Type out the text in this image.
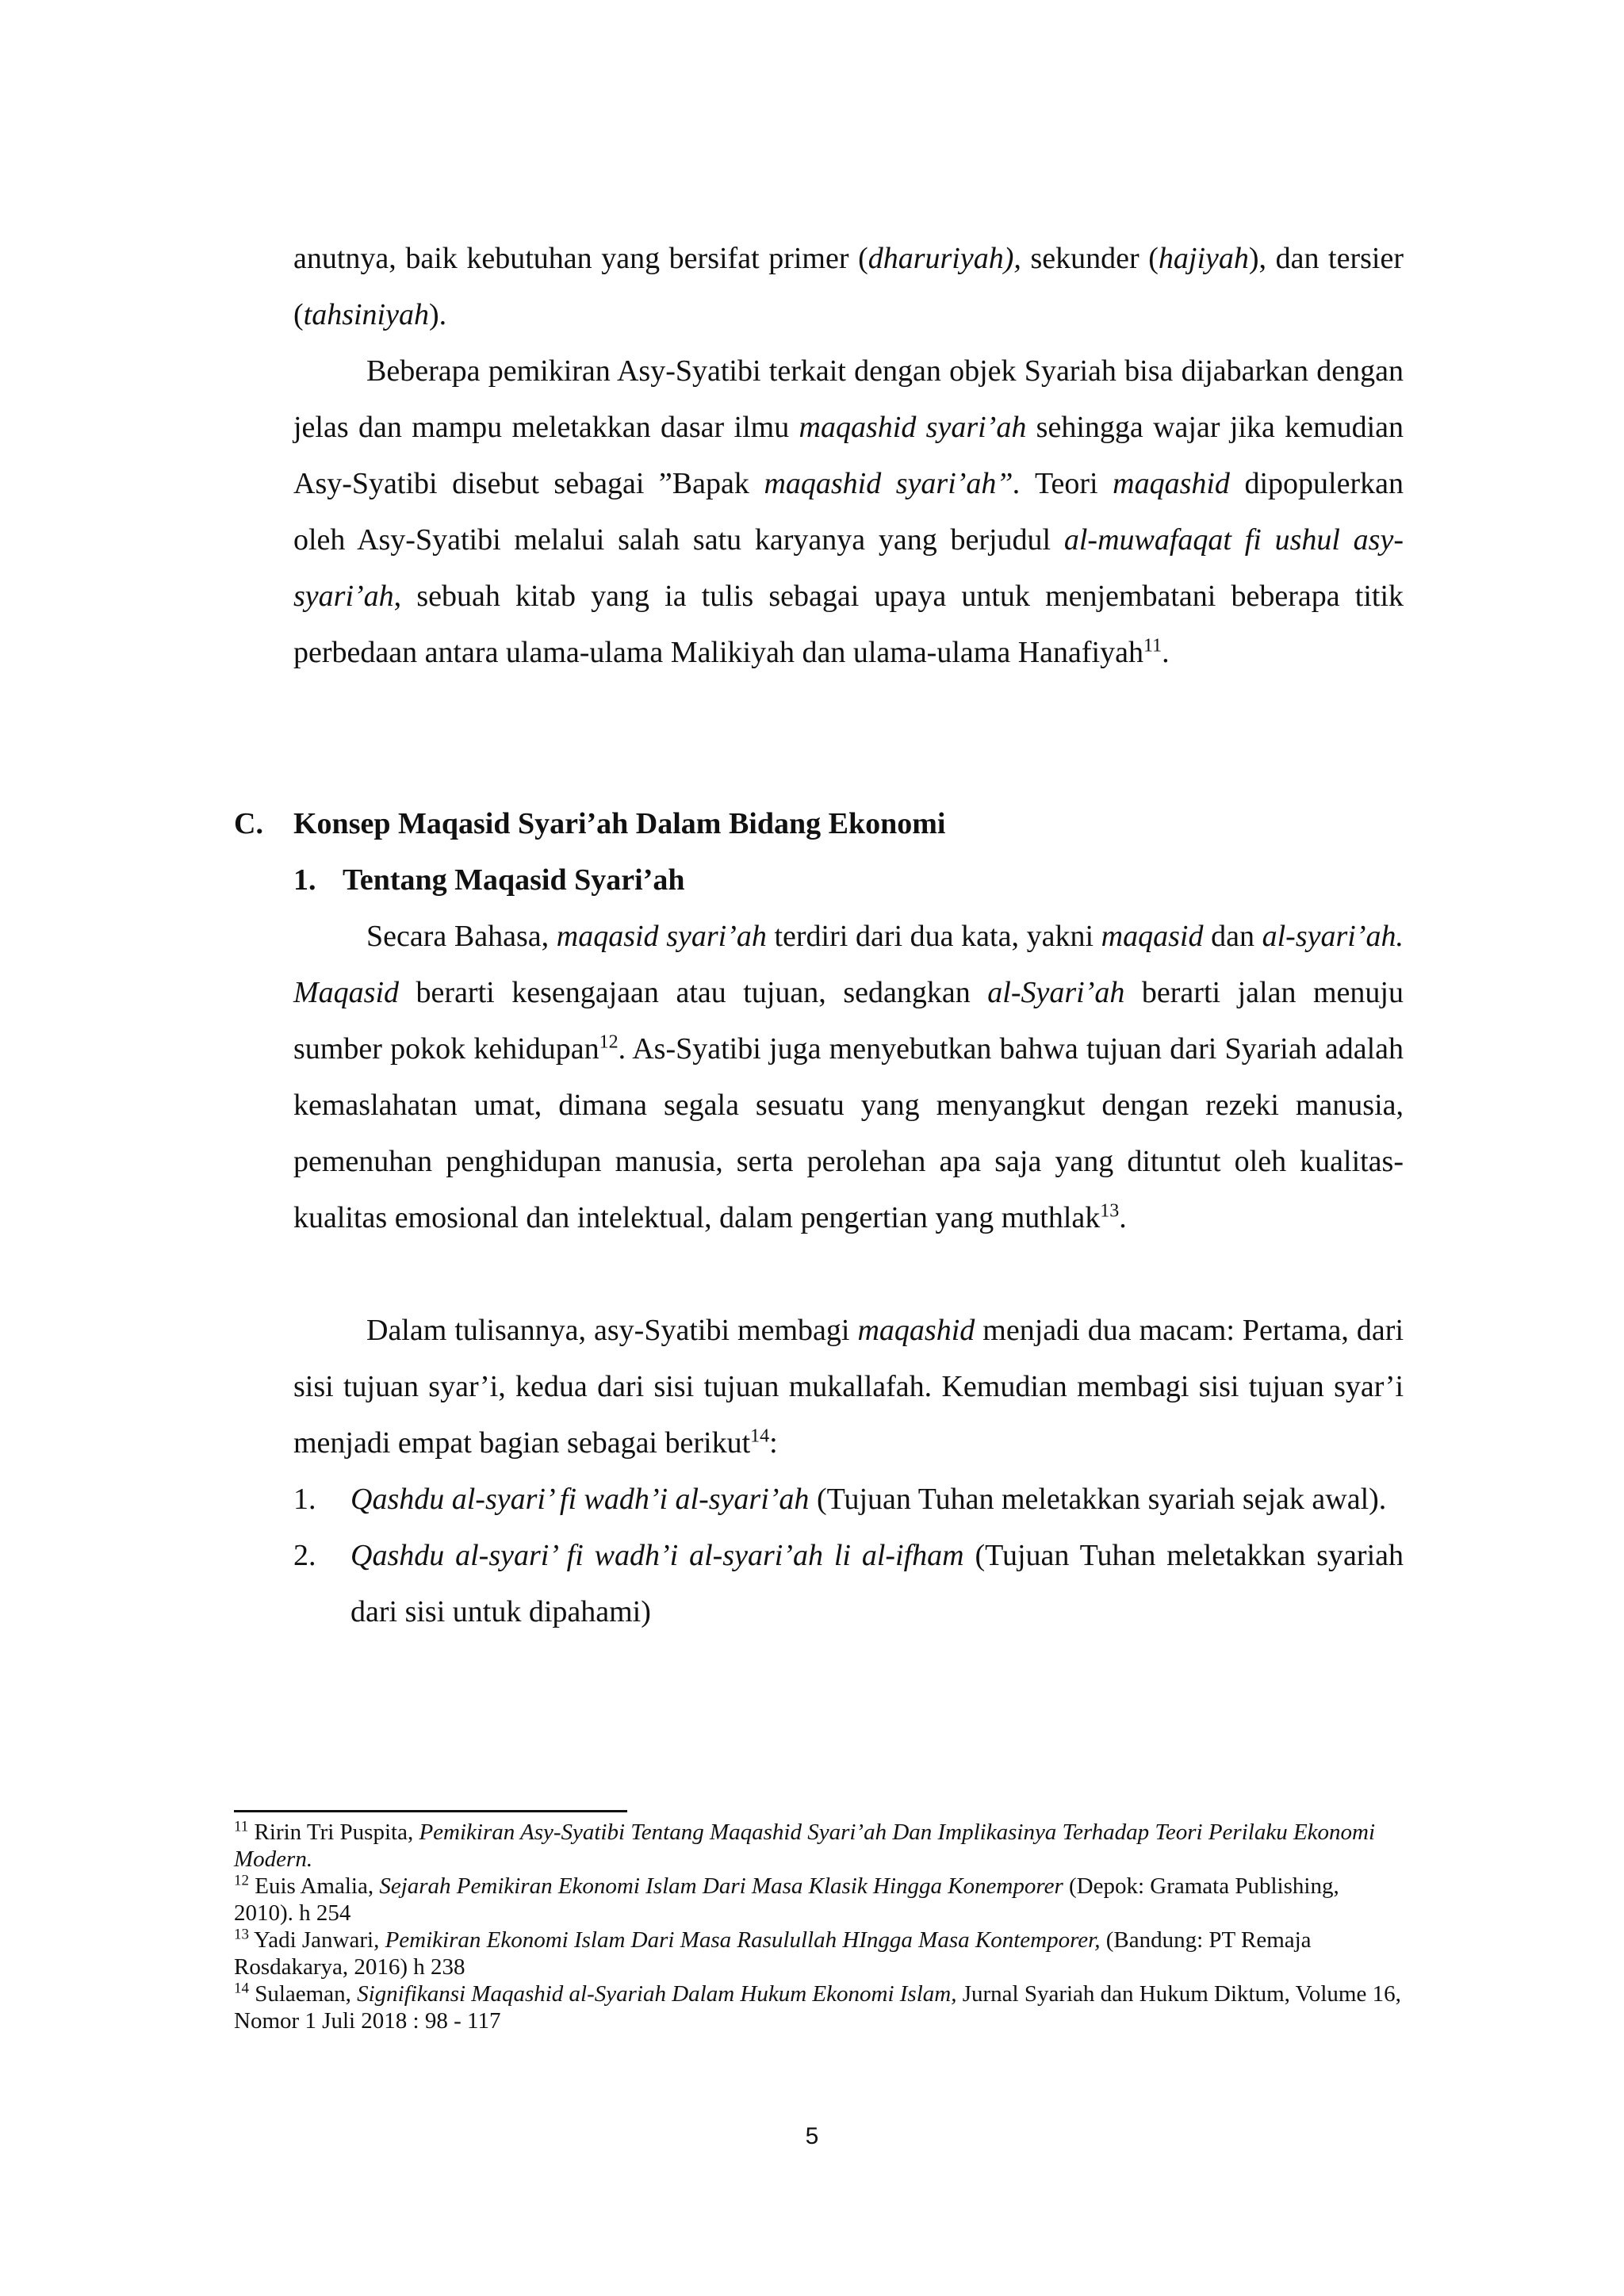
anutnya, baik kebutuhan yang bersifat primer (dharuriyah), sekunder (hajiyah), dan tersier (tahsiniyah).

Beberapa pemikiran Asy-Syatibi terkait dengan objek Syariah bisa dijabarkan dengan jelas dan mampu meletakkan dasar ilmu maqashid syari’ah sehingga wajar jika kemudian Asy-Syatibi disebut sebagai ”Bapak maqashid syari’ah”. Teori maqashid dipopulerkan oleh Asy-Syatibi melalui salah satu karyanya yang berjudul al-muwafaqat fi ushul asy-syari’ah, sebuah kitab yang ia tulis sebagai upaya untuk menjembatani beberapa titik perbedaan antara ulama-ulama Malikiyah dan ulama-ulama Hanafiyah$^{11}$.

C. Konsep Maqasid Syari’ah Dalam Bidang Ekonomi
1. Tentang Maqasid Syari’ah

Secara Bahasa, maqasid syari’ah terdiri dari dua kata, yakni maqasid dan al-syari’ah. Maqasid berarti kesengajaan atau tujuan, sedangkan al-Syari’ah berarti jalan menuju sumber pokok kehidupan$^{12}$. As-Syatibi juga menyebutkan bahwa tujuan dari Syariah adalah kemaslahatan umat, dimana segala sesuatu yang menyangkut dengan rezeki manusia, pemenuhan penghidupan manusia, serta perolehan apa saja yang dituntut oleh kualitas-kualitas emosional dan intelektual, dalam pengertian yang muthlak$^{13}$.

Dalam tulisannya, asy-Syatibi membagi maqashid menjadi dua macam: Pertama, dari sisi tujuan syar’i, kedua dari sisi tujuan mukallafah. Kemudian membagi sisi tujuan syar’i menjadi empat bagian sebagai berikut$^{14}$:

1.	Qashdu al-syari’ fi wadh’i al-syari’ah (Tujuan Tuhan meletakkan syariah sejak awal).
2.	Qashdu al-syari’ fi wadh’i al-syari’ah li al-ifham (Tujuan Tuhan meletakkan syariah dari sisi untuk dipahami)

$^{11}$ Ririn Tri Puspita, Pemikiran Asy-Syatibi Tentang Maqashid Syari’ah Dan Implikasinya Terhadap Teori Perilaku Ekonomi Modern.

$^{12}$ Euis Amalia, Sejarah Pemikiran Ekonomi Islam Dari Masa Klasik Hingga Konemporer (Depok: Gramata Publishing, 2010). h 254

$^{13}$ Yadi Janwari, Pemikiran Ekonomi Islam Dari Masa Rasulullah HIngga Masa Kontemporer, (Bandung: PT Remaja Rosdakarya, 2016) h 238

$^{14}$ Sulaeman, Signifikansi Maqashid al-Syariah Dalam Hukum Ekonomi Islam, Jurnal Syariah dan Hukum Diktum, Volume 16, Nomor 1 Juli 2018 : 98 - 117

5
